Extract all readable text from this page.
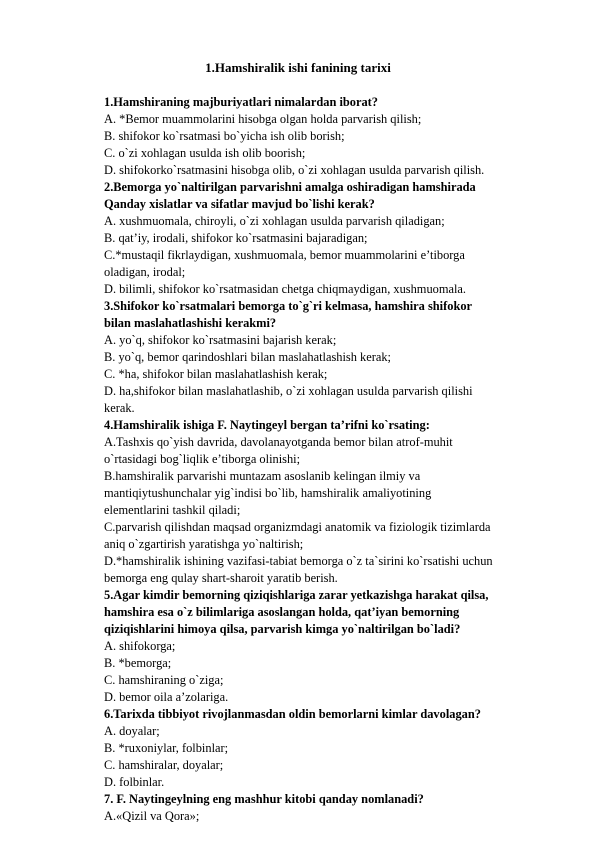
1.Hamshiralik ishi fanining tarixi

1.Hamshiraning majburiyatlari nimalardan iborat?

A. *Bemor muammolarini hisobga olgan holda parvarish qilish;

B. shifokor ko`rsatmasi bo`yicha ish olib borish;

C. o`zi xohlagan usulda ish olib boorish;

D. shifokorko`rsatmasini hisobga olib, o`zi xohlagan usulda parvarish qilish.

2.Bemorga yo`naltirilgan parvarishni amalga oshiradigan hamshirada

Qanday xislatlar va sifatlar mavjud bo`lishi kerak?

A. xushmuomala, chiroyli, o`zi xohlagan usulda parvarish qiladigan;

B. qat’iy, irodali, shifokor ko`rsatmasini bajaradigan;

C.*mustaqil fikrlaydigan, xushmuomala, bemor muammolarini e’tiborga

oladigan, irodal;

D. bilimli, shifokor ko`rsatmasidan chetga chiqmaydigan, xushmuomala.

3.Shifokor ko`rsatmalari bemorga to`g`ri kelmasa, hamshira shifokor

bilan maslahatlashishi kerakmi?

A. yo`q, shifokor ko`rsatmasini bajarish kerak;

B. yo`q, bemor qarindoshlari bilan maslahatlashish kerak;

C. *ha, shifokor bilan maslahatlashish kerak;

D. ha,shifokor bilan maslahatlashib, o`zi xohlagan usulda parvarish qilishi

kerak.

4.Hamshiralik ishiga F. Naytingeyl bergan ta’rifni ko`rsating:

A.Tashxis qo`yish davrida, davolanayotganda bemor bilan atrof-muhit

o`rtasidagi bog`liqlik e’tiborga olinishi;

B.hamshiralik parvarishi muntazam asoslanib kelingan ilmiy va

mantiqiytushunchalar yig`indisi bo`lib, hamshiralik amaliyotining

elementlarini tashkil qiladi;

C.parvarish qilishdan maqsad organizmdagi anatomik va fiziologik tizimlarda

aniq o`zgartirish yaratishga yo`naltirish;

D.*hamshiralik ishining vazifasi-tabiat bemorga o`z ta`sirini ko`rsatishi uchun

bemorga eng qulay shart-sharoit yaratib berish.

5.Agar kimdir bemorning qiziqishlariga zarar yetkazishga harakat qilsa,

hamshira esa o`z bilimlariga asoslangan holda, qat’iyan bemorning

qiziqishlarini himoya qilsa, parvarish kimga yo`naltirilgan bo`ladi?

A. shifokorga;

B. *bemorga;

C. hamshiraning o`ziga;

D. bemor oila a’zolariga.

6.Tarixda tibbiyot rivojlanmasdan oldin bemorlarni kimlar davolagan?

A. doyalar;

B. *ruxoniylar, folbinlar;

C. hamshiralar, doyalar;

D. folbinlar.

7. F. Naytingeylning eng mashhur kitobi qanday nomlanadi?

A.«Qizil va Qora»;
